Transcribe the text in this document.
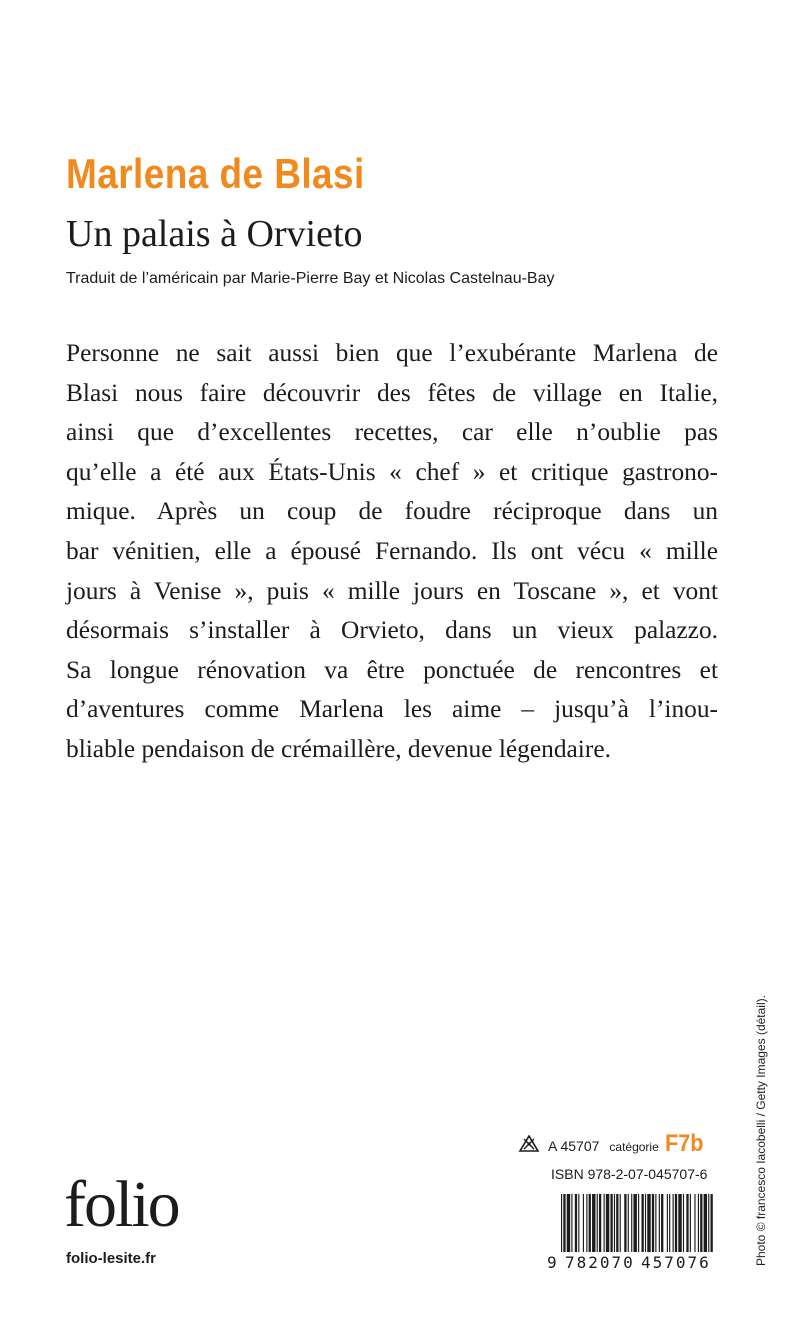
Marlena de Blasi
Un palais à Orvieto
Traduit de l’américain par Marie-Pierre Bay et Nicolas Castelnau-Bay
Personne ne sait aussi bien que l’exubérante Marlena de
Blasi nous faire découvrir des fêtes de village en Italie,
ainsi que d’excellentes recettes, car elle n’oublie pas
qu’elle a été aux États-Unis « chef » et critique gastrono-
mique. Après un coup de foudre réciproque dans un
bar vénitien, elle a épousé Fernando. Ils ont vécu « mille
jours à Venise », puis « mille jours en Toscane », et vont
désormais s’installer à Orvieto, dans un vieux palazzo.
Sa longue rénovation va être ponctuée de rencontres et
d’aventures comme Marlena les aime – jusqu’à l’inou-
bliable pendaison de crémaillère, devenue légendaire.
Photo © francesco Iacobelli / Getty Images (détail).
A 45707 catégorie F7b
ISBN 978-2-07-045707-6
9 782070 457076
folio
folio-lesite.fr
